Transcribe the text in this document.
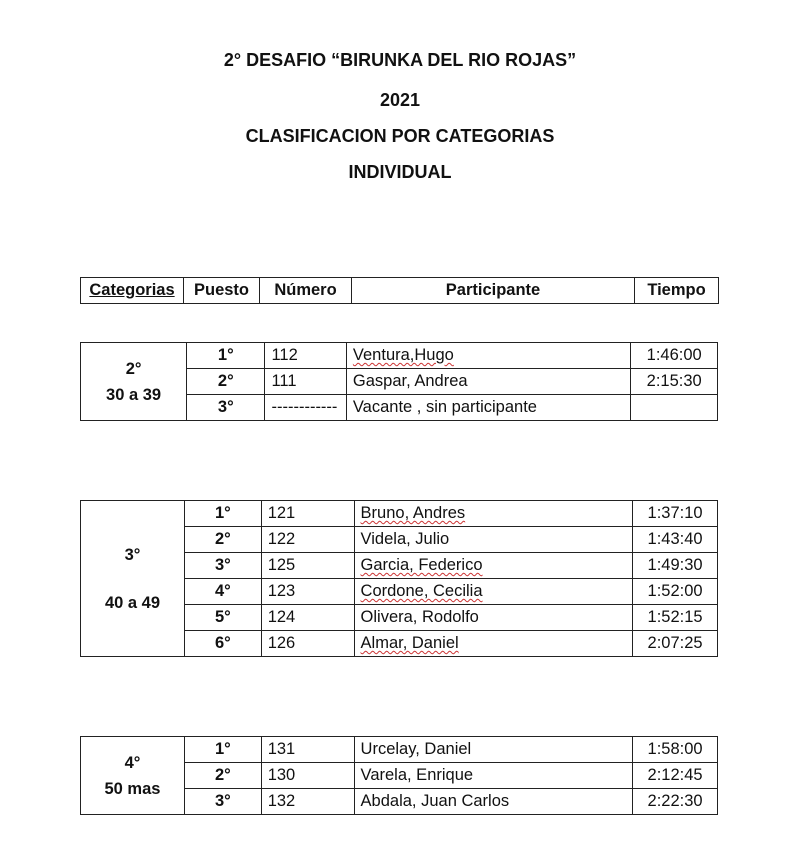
2° DESAFIO “BIRUNKA DEL RIO ROJAS”
2021
CLASIFICACION POR CATEGORIAS
INDIVIDUAL
Categorias	Puesto	Número	Participante	Tiempo
2°
30 a 39	1°	112	Ventura,Hugo	1:46:00
	2°	111	Gaspar, Andrea	2:15:30
	3°	------------	Vacante , sin participante	
3°
40 a 49	1°	121	Bruno, Andres	1:37:10
	2°	122	Videla, Julio	1:43:40
	3°	125	Garcia, Federico	1:49:30
	4°	123	Cordone, Cecilia	1:52:00
	5°	124	Olivera, Rodolfo	1:52:15
	6°	126	Almar, Daniel	2:07:25
4°
50 mas	1°	131	Urcelay, Daniel	1:58:00
	2°	130	Varela, Enrique	2:12:45
	3°	132	Abdala, Juan Carlos	2:22:30
